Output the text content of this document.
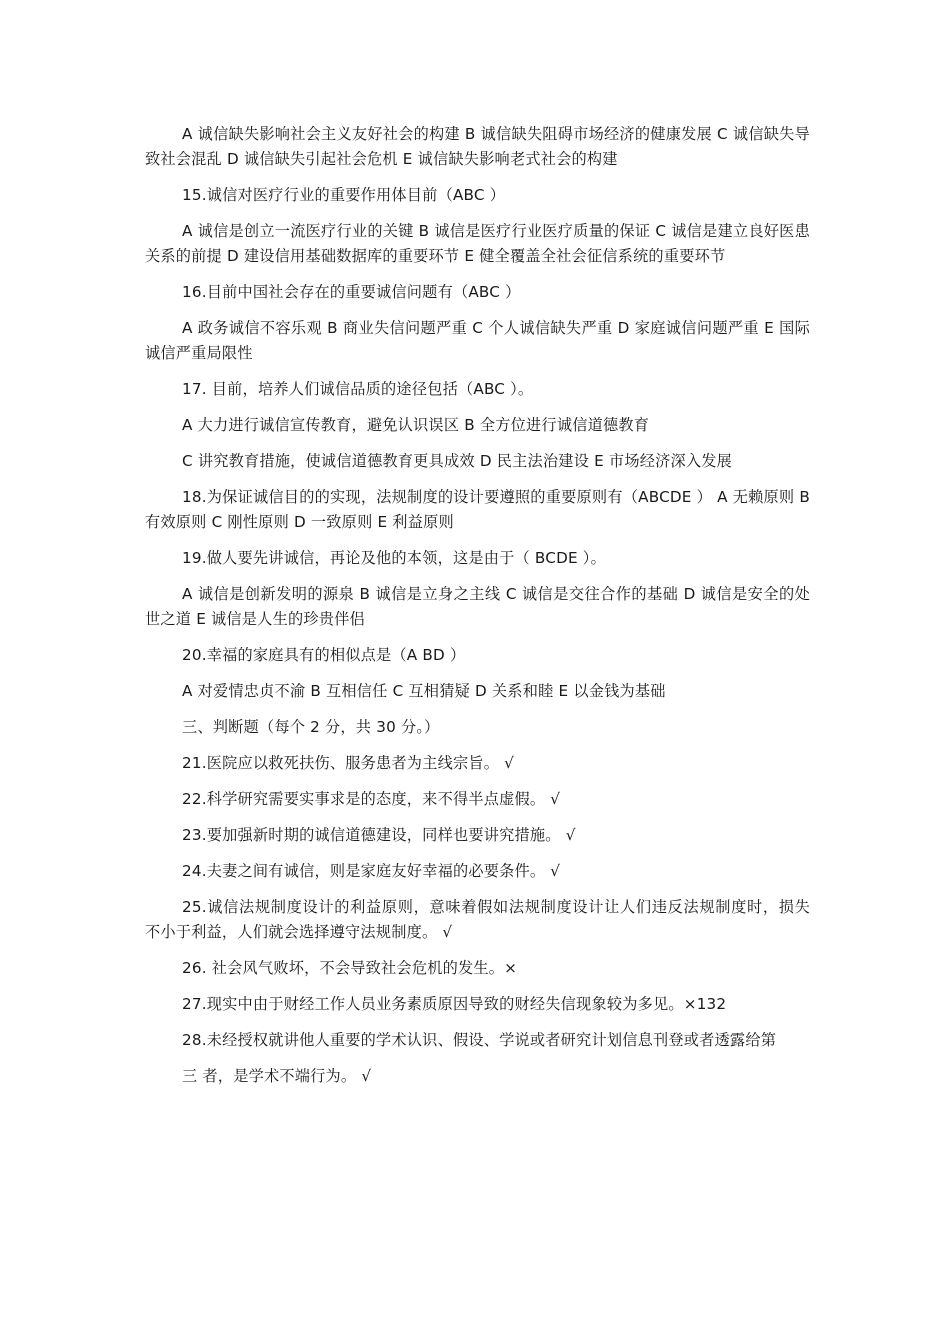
A 诚信缺失影响社会主义友好社会的构建 B 诚信缺失阻碍市场经济的健康发展 C 诚信缺失导致社会混乱 D 诚信缺失引起社会危机 E 诚信缺失影响老式社会的构建

15.诚信对医疗行业的重要作用体目前（ABC ）

A 诚信是创立一流医疗行业的关键 B 诚信是医疗行业医疗质量的保证 C 诚信是建立良好医患关系的前提 D 建设信用基础数据库的重要环节 E 健全覆盖全社会征信系统的重要环节

16.目前中国社会存在的重要诚信问题有（ABC ）

A 政务诚信不容乐观 B 商业失信问题严重 C 个人诚信缺失严重 D 家庭诚信问题严重 E 国际诚信严重局限性

17. 目前，培养人们诚信品质的途径包括（ABC ）。

A 大力进行诚信宣传教育，避免认识误区 B 全方位进行诚信道德教育

C 讲究教育措施，使诚信道德教育更具成效 D 民主法治建设 E 市场经济深入发展

18.为保证诚信目的的实现，法规制度的设计要遵照的重要原则有（ABCDE ） A 无赖原则 B 有效原则 C 刚性原则 D 一致原则 E 利益原则

19.做人要先讲诚信，再论及他的本领，这是由于（ BCDE ）。

A 诚信是创新发明的源泉 B 诚信是立身之主线 C 诚信是交往合作的基础 D 诚信是安全的处世之道 E 诚信是人生的珍贵伴侣

20.幸福的家庭具有的相似点是（A BD ）

A 对爱情忠贞不渝 B 互相信任 C 互相猜疑 D 关系和睦 E 以金钱为基础

三、判断题（每个 2 分，共 30 分。）

21.医院应以救死扶伤、服务患者为主线宗旨。 √

22.科学研究需要实事求是的态度，来不得半点虚假。 √

23.要加强新时期的诚信道德建设，同样也要讲究措施。 √

24.夫妻之间有诚信，则是家庭友好幸福的必要条件。 √

25.诚信法规制度设计的利益原则，意味着假如法规制度设计让人们违反法规制度时，损失 不小于利益，人们就会选择遵守法规制度。 √

26. 社会风气败坏，不会导致社会危机的发生。×

27.现实中由于财经工作人员业务素质原因导致的财经失信现象较为多见。×132

28.未经授权就讲他人重要的学术认识、假设、学说或者研究计划信息刊登或者透露给第

三 者，是学术不端行为。 √
